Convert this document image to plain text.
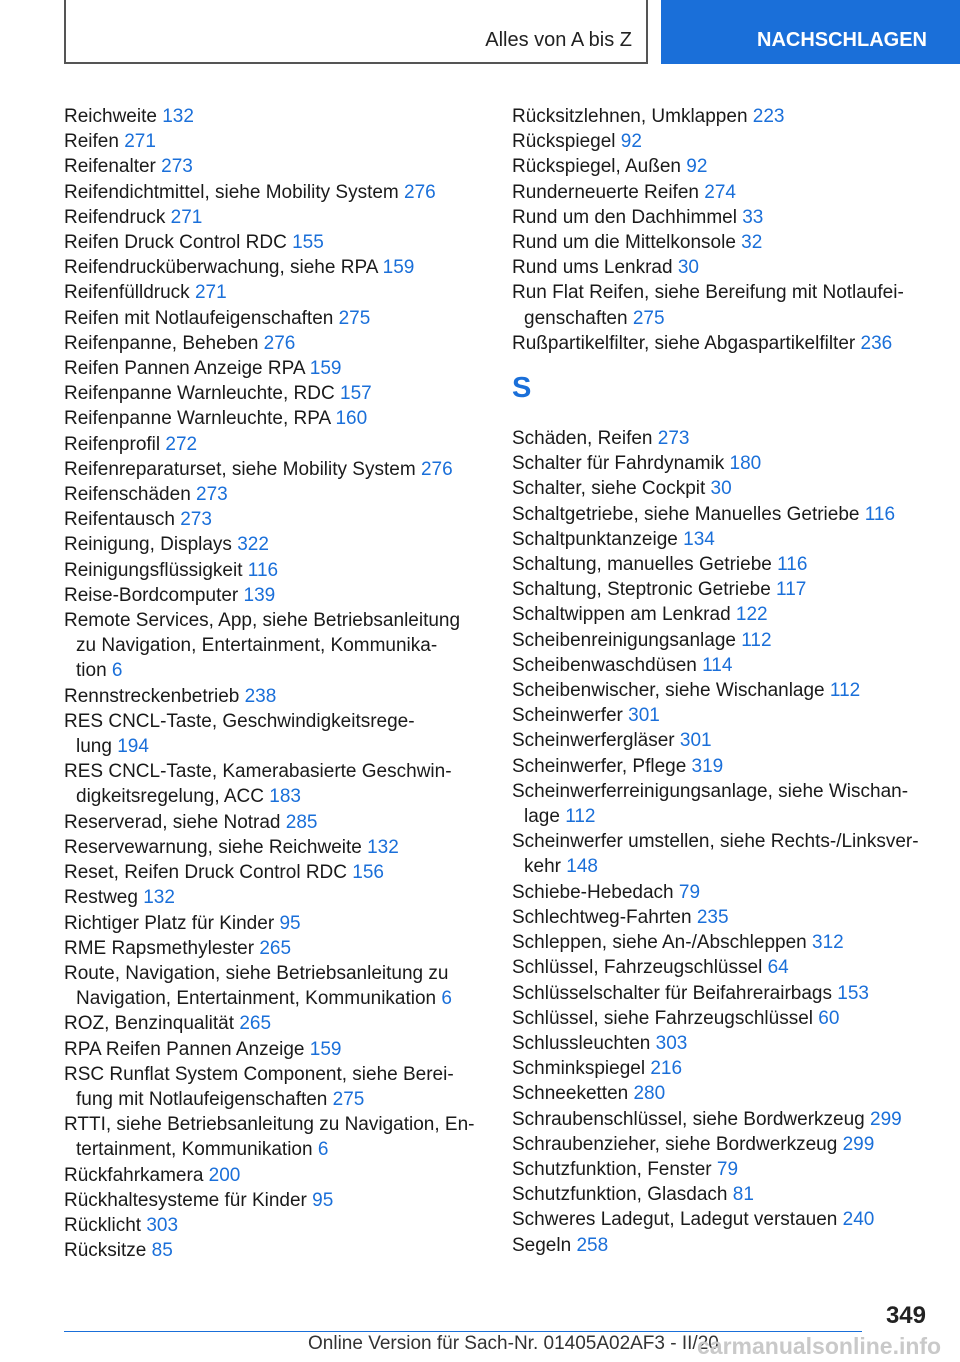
Alles von A bis Z	NACHSCHLAGEN
Reichweite 132
Reifen 271
Reifenalter 273
Reifendichtmittel, siehe Mobility System 276
Reifendruck 271
Reifen Druck Control RDC 155
Reifendrucküberwachung, siehe RPA 159
Reifenfülldruck 271
Reifen mit Notlaufeigenschaften 275
Reifenpanne, Beheben 276
Reifen Pannen Anzeige RPA 159
Reifenpanne Warnleuchte, RDC 157
Reifenpanne Warnleuchte, RPA 160
Reifenprofil 272
Reifenreparaturset, siehe Mobility System 276
Reifenschäden 273
Reifentausch 273
Reinigung, Displays 322
Reinigungsflüssigkeit 116
Reise-Bordcomputer 139
Remote Services, App, siehe Betriebsanleitung
zu Navigation, Entertainment, Kommunika‐
tion 6
Rennstreckenbetrieb 238
RES CNCL-Taste, Geschwindigkeitsrege‐
lung 194
RES CNCL-Taste, Kamerabasierte Geschwin‐
digkeitsregelung, ACC 183
Reserverad, siehe Notrad 285
Reservewarnung, siehe Reichweite 132
Reset, Reifen Druck Control RDC 156
Restweg 132
Richtiger Platz für Kinder 95
RME Rapsmethylester 265
Route, Navigation, siehe Betriebsanleitung zu
Navigation, Entertainment, Kommunikation 6
ROZ, Benzinqualität 265
RPA Reifen Pannen Anzeige 159
RSC Runflat System Component, siehe Berei‐
fung mit Notlaufeigenschaften 275
RTTI, siehe Betriebsanleitung zu Navigation, En‐
tertainment, Kommunikation 6
Rückfahrkamera 200
Rückhaltesysteme für Kinder 95
Rücklicht 303
Rücksitze 85
Rücksitzlehnen, Umklappen 223
Rückspiegel 92
Rückspiegel, Außen 92
Runderneuerte Reifen 274
Rund um den Dachhimmel 33
Rund um die Mittelkonsole 32
Rund ums Lenkrad 30
Run Flat Reifen, siehe Bereifung mit Notlaufei‐
genschaften 275
Rußpartikelfilter, siehe Abgaspartikelfilter 236
S
Schäden, Reifen 273
Schalter für Fahrdynamik 180
Schalter, siehe Cockpit 30
Schaltgetriebe, siehe Manuelles Getriebe 116
Schaltpunktanzeige 134
Schaltung, manuelles Getriebe 116
Schaltung, Steptronic Getriebe 117
Schaltwippen am Lenkrad 122
Scheibenreinigungsanlage 112
Scheibenwaschdüsen 114
Scheibenwischer, siehe Wischanlage 112
Scheinwerfer 301
Scheinwerfergläser 301
Scheinwerfer, Pflege 319
Scheinwerferreinigungsanlage, siehe Wischan‐
lage 112
Scheinwerfer umstellen, siehe Rechts-/Linksver‐
kehr 148
Schiebe-Hebedach 79
Schlechtweg-Fahrten 235
Schleppen, siehe An-/Abschleppen 312
Schlüssel, Fahrzeugschlüssel 64
Schlüsselschalter für Beifahrerairbags 153
Schlüssel, siehe Fahrzeugschlüssel 60
Schlussleuchten 303
Schminkspiegel 216
Schneeketten 280
Schraubenschlüssel, siehe Bordwerkzeug 299
Schraubenzieher, siehe Bordwerkzeug 299
Schutzfunktion, Fenster 79
Schutzfunktion, Glasdach 81
Schweres Ladegut, Ladegut verstauen 240
Segeln 258
349
Online Version für Sach-Nr. 01405A02AF3 - II/20
carmanualsonline.info
